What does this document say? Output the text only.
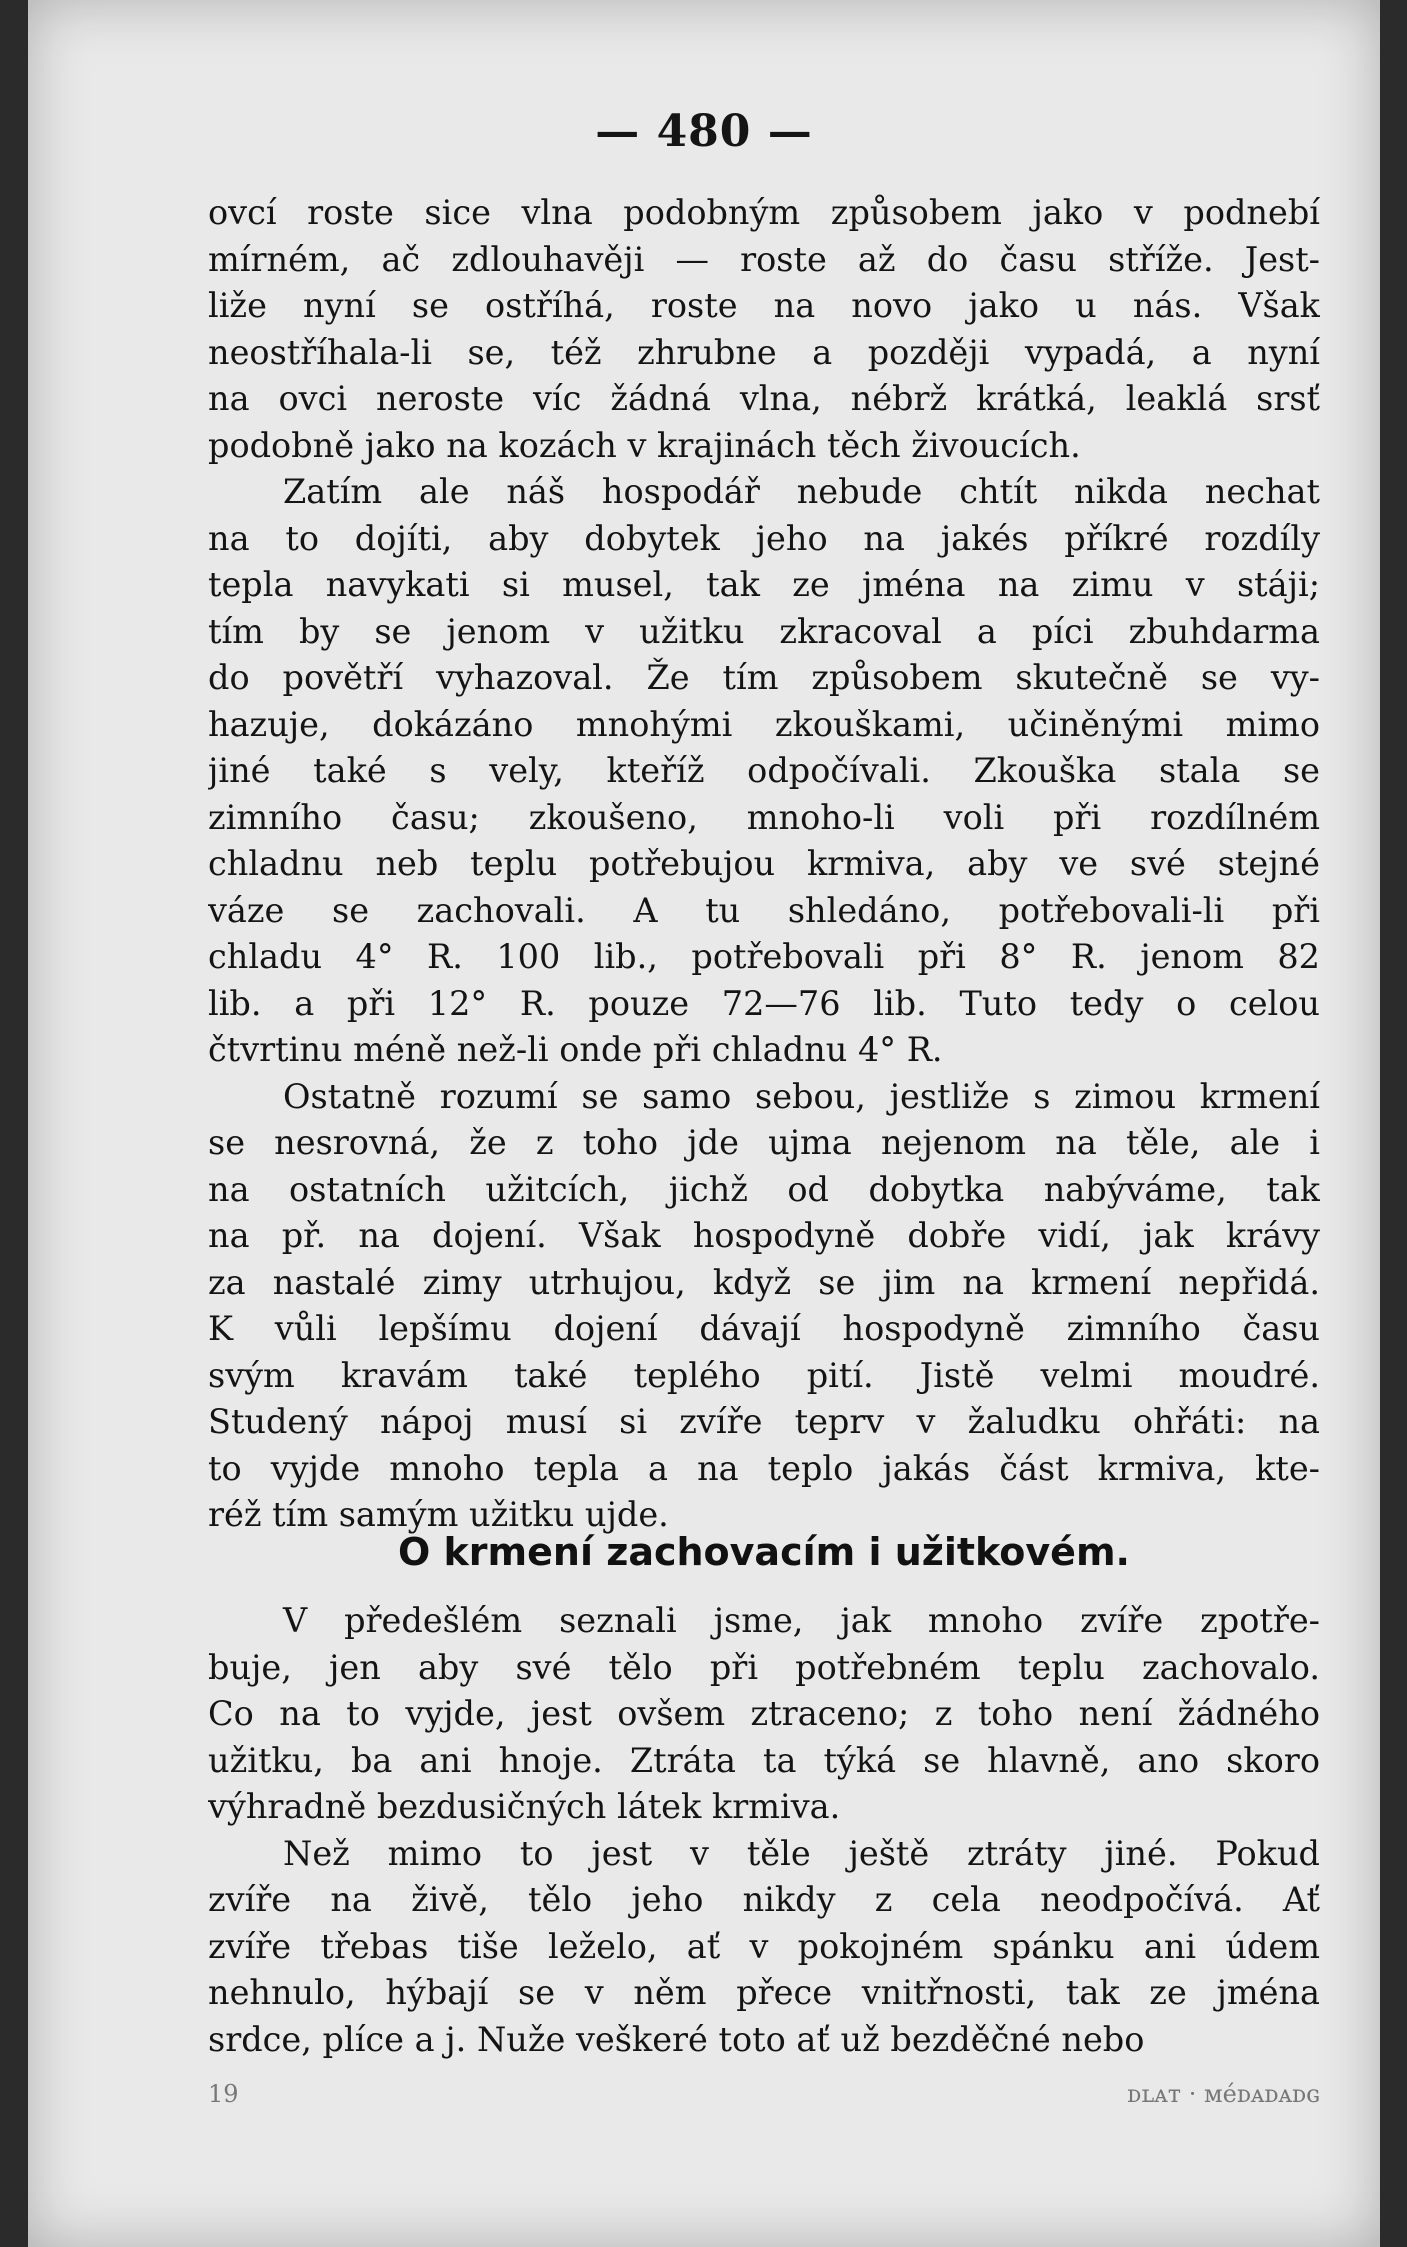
— 480 —
ovcí roste sice vlna podobným způsobem jako v podnebí
mírném, ač zdlouhavěji — roste až do času stříže. Jest-
liže nyní se ostříhá, roste na novo jako u nás. Však
neostříhala-li se, též zhrubne a později vypadá, a nyní
na ovci neroste víc žádná vlna, nébrž krátká, leaklá srsť
podobně jako na kozách v krajinách těch živoucích.
Zatím ale náš hospodář nebude chtít nikda nechat
na to dojíti, aby dobytek jeho na jakés příkré rozdíly
tepla navykati si musel, tak ze jména na zimu v stáji;
tím by se jenom v užitku zkracoval a píci zbuhdarma
do povětří vyhazoval. Že tím způsobem skutečně se vy-
hazuje, dokázáno mnohými zkouškami, učiněnými mimo
jiné také s vely, kteříž odpočívali. Zkouška stala se
zimního času; zkoušeno, mnoho-li voli při rozdílném
chladnu neb teplu potřebujou krmiva, aby ve své stejné
váze se zachovali. A tu shledáno, potřebovali-li při
chladu 4° R. 100 lib., potřebovali při 8° R. jenom 82
lib. a při 12° R. pouze 72—76 lib. Tuto tedy o celou
čtvrtinu méně než-li onde při chladnu 4° R.
Ostatně rozumí se samo sebou, jestliže s zimou krmení
se nesrovná, že z toho jde ujma nejenom na těle, ale i
na ostatních užitcích, jichž od dobytka nabýváme, tak
na př. na dojení. Však hospodyně dobře vidí, jak krávy
za nastalé zimy utrhujou, když se jim na krmení nepřidá.
K vůli lepšímu dojení dávají hospodyně zimního času
svým kravám také teplého pití. Jistě velmi moudré.
Studený nápoj musí si zvíře teprv v žaludku ohřáti: na
to vyjde mnoho tepla a na teplo jakás část krmiva, kte-
réž tím samým užitku ujde.
O krmení zachovacím i užitkovém.
V předešlém seznali jsme, jak mnoho zvíře zpotře-
buje, jen aby své tělo při potřebném teplu zachovalo.
Co na to vyjde, jest ovšem ztraceno; z toho není žádného
užitku, ba ani hnoje. Ztráta ta týká se hlavně, ano skoro
výhradně bezdusičných látek krmiva.
Než mimo to jest v těle ještě ztráty jiné. Pokud
zvíře na živě, tělo jeho nikdy z cela neodpočívá. Ať
zvíře třebas tiše leželo, ať v pokojném spánku ani údem
nehnulo, hýbají se v něm přece vnitřnosti, tak ze jména
srdce, plíce a j. Nuže veškeré toto ať už bezděčné nebo
19	ᴅʟᴀᴛ · ᴍéᴅᴀᴅᴀᴅɢ
